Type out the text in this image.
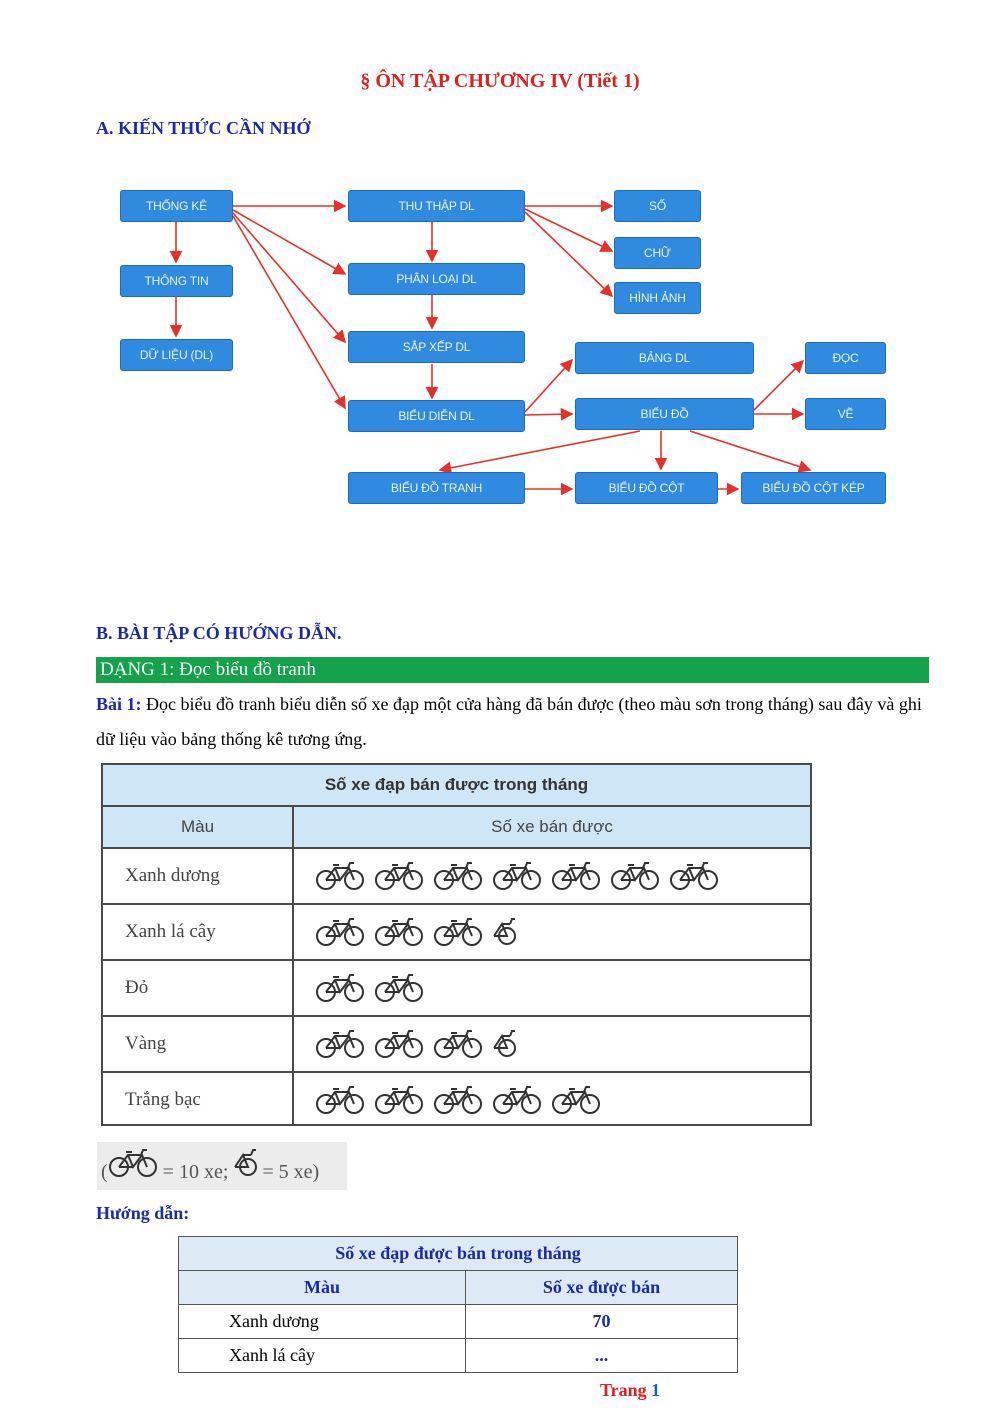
§ ÔN TẬP CHƯƠNG IV (Tiết 1)
A. KIẾN THỨC CẦN NHỚ
THỐNG KÊ
THÔNG TIN
DỮ LIỆU (DL)
THU THẬP DL
PHÂN LOẠI DL
SẮP XẾP DL
BIỂU DIỄN DL
SỐ
CHỮ
HÌNH ẢNH
BẢNG DL
BIỂU ĐỒ
ĐỌC
VẼ
BIỂU ĐỒ TRANH	BIỂU ĐỒ CỘT	BIỂU ĐỒ CỘT KÉP
B. BÀI TẬP CÓ HƯỚNG DẪN.
DẠNG 1: Đọc biểu đồ tranh
Bài 1: Đọc biểu đồ tranh biểu diễn số xe đạp một cửa hàng đã bán được (theo màu sơn trong tháng) sau đây và ghi dữ liệu vào bảng thống kê tương ứng.
Số xe đạp bán được trong tháng
Màu	Số xe bán được
Xanh dương
Xanh lá cây
Đỏ
Vàng
Trắng bạc
(	= 10 xe;  = 5 xe)
Hướng dẫn:
Số xe đạp được bán trong tháng	
Màu	Số xe được bán
Xanh dương	70
Xanh lá cây	...
Trang 1
